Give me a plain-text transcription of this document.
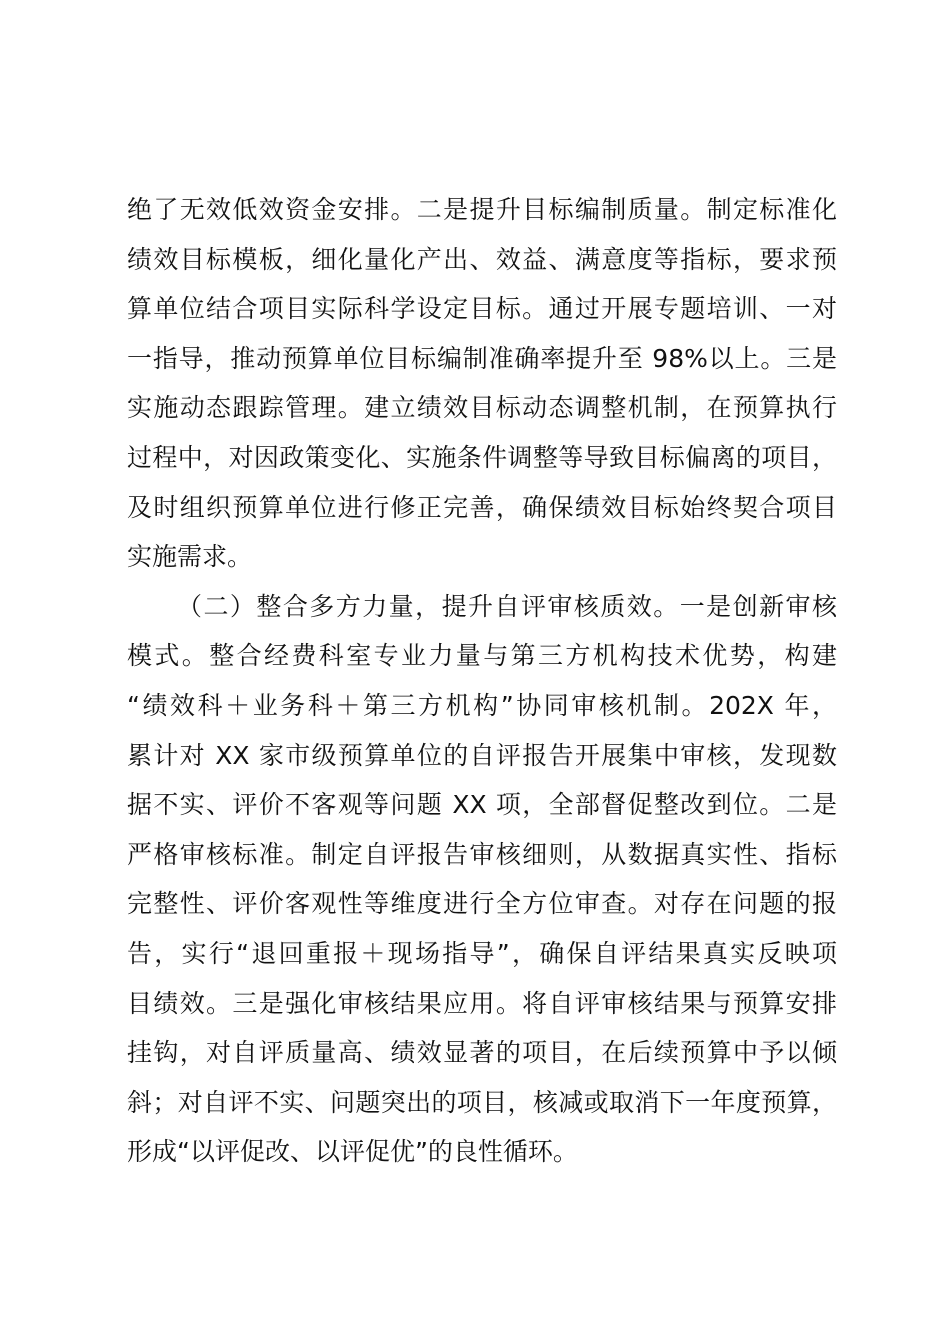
绝了无效低效资金安排。二是提升目标编制质量。制定标准化

绩效目标模板，细化量化产出、效益、满意度等指标，要求预

算单位结合项目实际科学设定目标。通过开展专题培训、一对

一指导，推动预算单位目标编制准确率提升至 98%以上。三是

实施动态跟踪管理。建立绩效目标动态调整机制，在预算执行

过程中，对因政策变化、实施条件调整等导致目标偏离的项目，

及时组织预算单位进行修正完善，确保绩效目标始终契合项目

实施需求。

（二）整合多方力量，提升自评审核质效。一是创新审核

模式。整合经费科室专业力量与第三方机构技术优势，构建

“绩效科＋业务科＋第三方机构”协同审核机制。202X 年，

累计对 XX 家市级预算单位的自评报告开展集中审核，发现数

据不实、评价不客观等问题 XX 项，全部督促整改到位。二是

严格审核标准。制定自评报告审核细则，从数据真实性、指标

完整性、评价客观性等维度进行全方位审查。对存在问题的报

告，实行“退回重报＋现场指导”，确保自评结果真实反映项

目绩效。三是强化审核结果应用。将自评审核结果与预算安排

挂钩，对自评质量高、绩效显著的项目，在后续预算中予以倾

斜；对自评不实、问题突出的项目，核减或取消下一年度预算，

形成“以评促改、以评促优”的良性循环。
